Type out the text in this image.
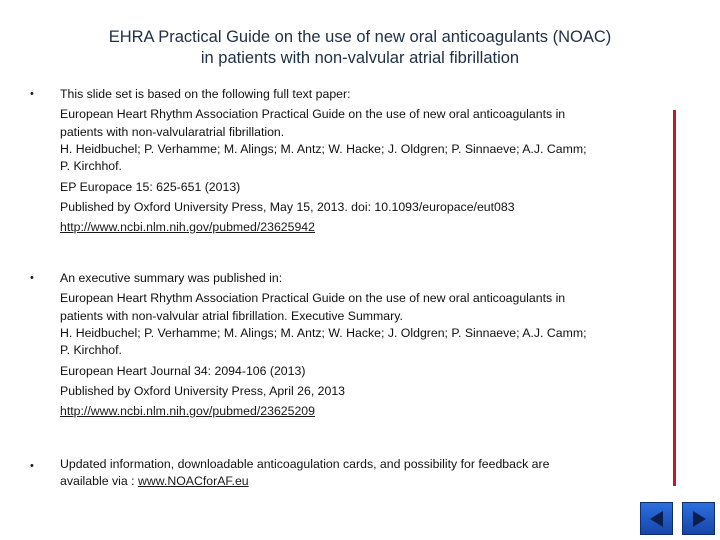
EHRA Practical Guide on the use of new oral anticoagulants (NOAC)
in patients with non-valvular atrial fibrillation
• This slide set is based on the following full text paper:
European Heart Rhythm Association Practical Guide on the use of new oral anticoagulants in
patients with non-valvularatrial fibrillation.
H. Heidbuchel; P. Verhamme; M. Alings; M. Antz; W. Hacke; J. Oldgren; P. Sinnaeve; A.J. Camm;
P. Kirchhof.
EP Europace 15: 625-651 (2013)
Published by Oxford University Press, May 15, 2013. doi: 10.1093/europace/eut083
http://www.ncbi.nlm.nih.gov/pubmed/23625942
• An executive summary was published in:
European Heart Rhythm Association Practical Guide on the use of new oral anticoagulants in
patients with non-valvular atrial fibrillation. Executive Summary.
H. Heidbuchel; P. Verhamme; M. Alings; M. Antz; W. Hacke; J. Oldgren; P. Sinnaeve; A.J. Camm;
P. Kirchhof.
European Heart Journal 34: 2094-106 (2013)
Published by Oxford University Press, April 26, 2013
http://www.ncbi.nlm.nih.gov/pubmed/23625209
• Updated information, downloadable anticoagulation cards, and possibility for feedback are
available via : www.NOACforAF.eu
